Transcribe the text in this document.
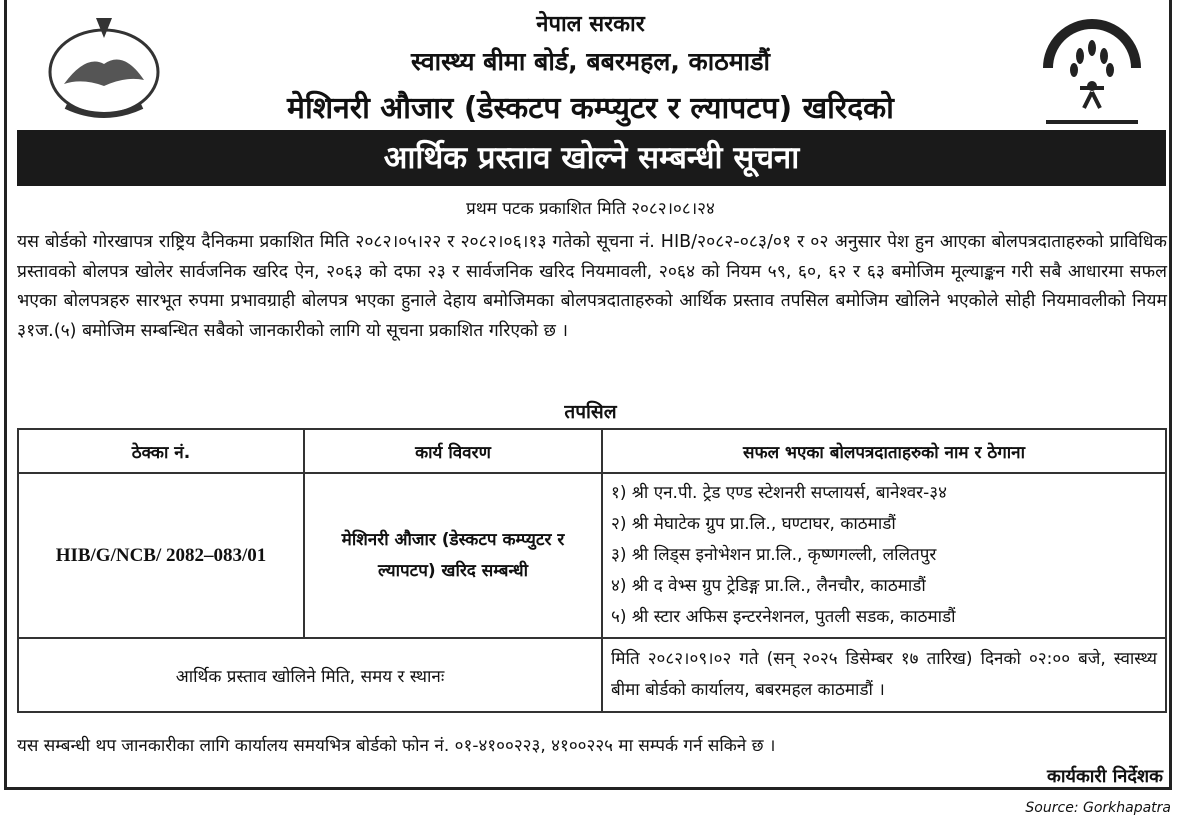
नेपाल सरकार
स्वास्थ्य बीमा बोर्ड, बबरमहल, काठमाडौं
मेशिनरी औजार (डेस्कटप कम्प्युटर र ल्यापटप) खरिदको
आर्थिक प्रस्ताव खोल्ने सम्बन्धी सूचना
प्रथम पटक प्रकाशित मिति २०८२।०८।२४
यस बोर्डको गोरखापत्र राष्ट्रिय दैनिकमा प्रकाशित मिति २०८२।०५।२२ र २०८२।०६।१३ गतेको सूचना नं. HIB/२०८२-०८३/०१ र ०२ अनुसार पेश हुन आएका बोलपत्रदाताहरुको प्राविधिक प्रस्तावको बोलपत्र खोलेर सार्वजनिक खरिद ऐन, २०६३ को दफा २३ र सार्वजनिक खरिद नियमावली, २०६४ को नियम ५९, ६०, ६२ र ६३ बमोजिम मूल्याङ्कन गरी सबै आधारमा सफल भएका बोलपत्रहरु सारभूत रुपमा प्रभावग्राही बोलपत्र भएका हुनाले देहाय बमोजिमका बोलपत्रदाताहरुको आर्थिक प्रस्ताव तपसिल बमोजिम खोलिने भएकोले सोही नियमावलीको नियम ३१ज.(५) बमोजिम सम्बन्धित सबैको जानकारीको लागि यो सूचना प्रकाशित गरिएको छ ।
तपसिल
ठेक्का नं.	कार्य विवरण	सफल भएका बोलपत्रदाताहरुको नाम र ठेगाना
HIB/G/NCB/ 2082–083/01	मेशिनरी औजार (डेस्कटप कम्प्युटर र ल्यापटप) खरिद सम्बन्धी	१) श्री एन.पी. ट्रेड एण्ड स्टेशनरी सप्लायर्स, बानेश्वर-३४
२) श्री मेघाटेक ग्रुप प्रा.लि., घण्टाघर, काठमाडौं
३) श्री लिड्स इनोभेशन प्रा.लि., कृष्णगल्ली, ललितपुर
४) श्री द वेभ्स ग्रुप ट्रेडिङ्ग प्रा.लि., लैनचौर, काठमाडौं
५) श्री स्टार अफिस इन्टरनेशनल, पुतली सडक, काठमाडौं

आर्थिक प्रस्ताव खोलिने मिति, समय र स्थानः		मिति २०८२।०९।०२ गते (सन् २०२५ डिसेम्बर १७ तारिख) दिनको ०२:०० बजे, स्वास्थ्य बीमा बोर्डको कार्यालय, बबरमहल काठमाडौं ।
यस सम्बन्धी थप जानकारीका लागि कार्यालय समयभित्र बोर्डको फोन नं. ०१-४१००२२३, ४१००२२५ मा सम्पर्क गर्न सकिने छ ।
कार्यकारी निर्देशक
Source: Gorkhapatra
